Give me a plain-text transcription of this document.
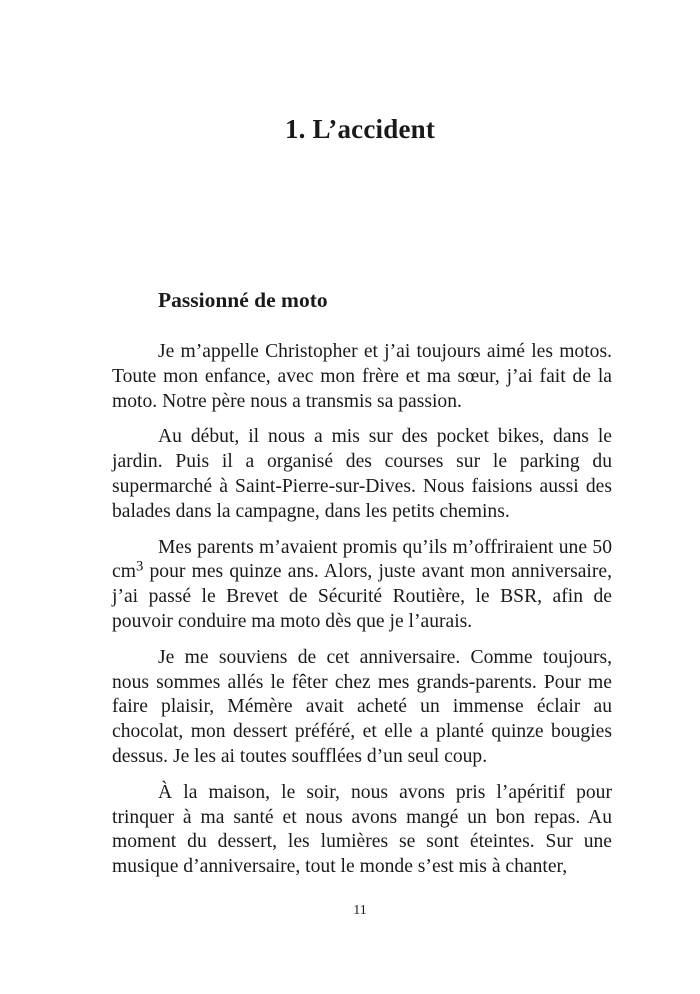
1. L’accident
Passionné de moto

Je m’appelle Christopher et j’ai toujours aimé les motos. Toute mon enfance, avec mon frère et ma sœur, j’ai fait de la moto. Notre père nous a transmis sa passion.

Au début, il nous a mis sur des pocket bikes, dans le jardin. Puis il a organisé des courses sur le parking du supermarché à Saint-Pierre-sur-Dives. Nous faisions aussi des balades dans la campagne, dans les petits chemins.

Mes parents m’avaient promis qu’ils m’offriraient une 50 $cm^3$ pour mes quinze ans. Alors, juste avant mon anniversaire, j’ai passé le Brevet de Sécurité Routière, le BSR, afin de pouvoir conduire ma moto dès que je l’aurais.

Je me souviens de cet anniversaire. Comme toujours, nous sommes allés le fêter chez mes grands-parents. Pour me faire plaisir, Mémère avait acheté un immense éclair au chocolat, mon dessert préféré, et elle a planté quinze bougies dessus. Je les ai toutes soufflées d’un seul coup.

À la maison, le soir, nous avons pris l’apéritif pour trinquer à ma santé et nous avons mangé un bon repas. Au moment du dessert, les lumières se sont éteintes. Sur une musique d’anniversaire, tout le monde s’est mis à chanter,

11
